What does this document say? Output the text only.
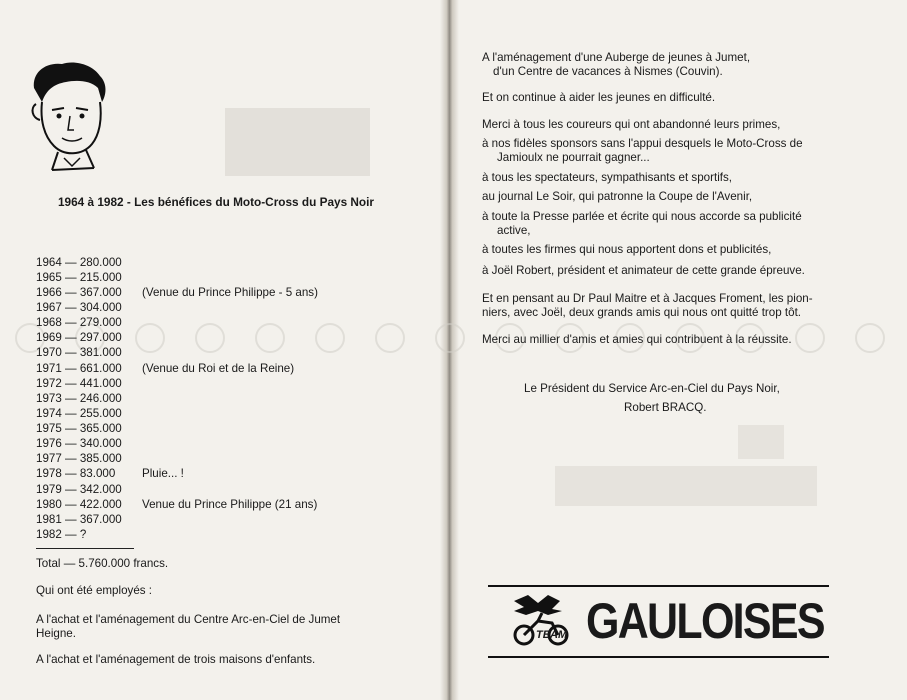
1964 à 1982 - Les bénéfices du Moto-Cross du Pays Noir
1964 — 280.000
1965 — 215.000
1966 — 367.000 (Venue du Prince Philippe - 5 ans)
1967 — 304.000
1968 — 279.000
1969 — 297.000
1970 — 381.000
1971 — 661.000 (Venue du Roi et de la Reine)
1972 — 441.000
1973 — 246.000
1974 — 255.000
1975 — 365.000
1976 — 340.000
1977 — 385.000
1978 — 83.000 Pluie... !
1979 — 342.000
1980 — 422.000 Venue du Prince Philippe (21 ans)
1981 — 367.000
1982 — ?
Total — 5.760.000 francs.
Qui ont été employés :
A l'achat et l'aménagement du Centre Arc-en-Ciel de Jumet
Heigne.
A l'achat et l'aménagement de trois maisons d'enfants.
A l'aménagement d'une Auberge de jeunes à Jumet,
d'un Centre de vacances à Nismes (Couvin).
Et on continue à aider les jeunes en difficulté.
Merci à tous les coureurs qui ont abandonné leurs primes,
à nos fidèles sponsors sans l'appui desquels le Moto-Cross de
Jamioulx ne pourrait gagner...
à tous les spectateurs, sympathisants et sportifs,
au journal Le Soir, qui patronne la Coupe de l'Avenir,
à toute la Presse parlée et écrite qui nous accorde sa publicité
active,
à toutes les firmes qui nous apportent dons et publicités,
à Joël Robert, président et animateur de cette grande épreuve.
Et en pensant au Dr Paul Maitre et à Jacques Froment, les pion-
niers, avec Joël, deux grands amis qui nous ont quitté trop tôt.
Merci au millier d'amis et amies qui contribuent à la réussite.
Le Président du Service Arc-en-Ciel du Pays Noir,
Robert BRACQ.
TEAM GAULOISES
